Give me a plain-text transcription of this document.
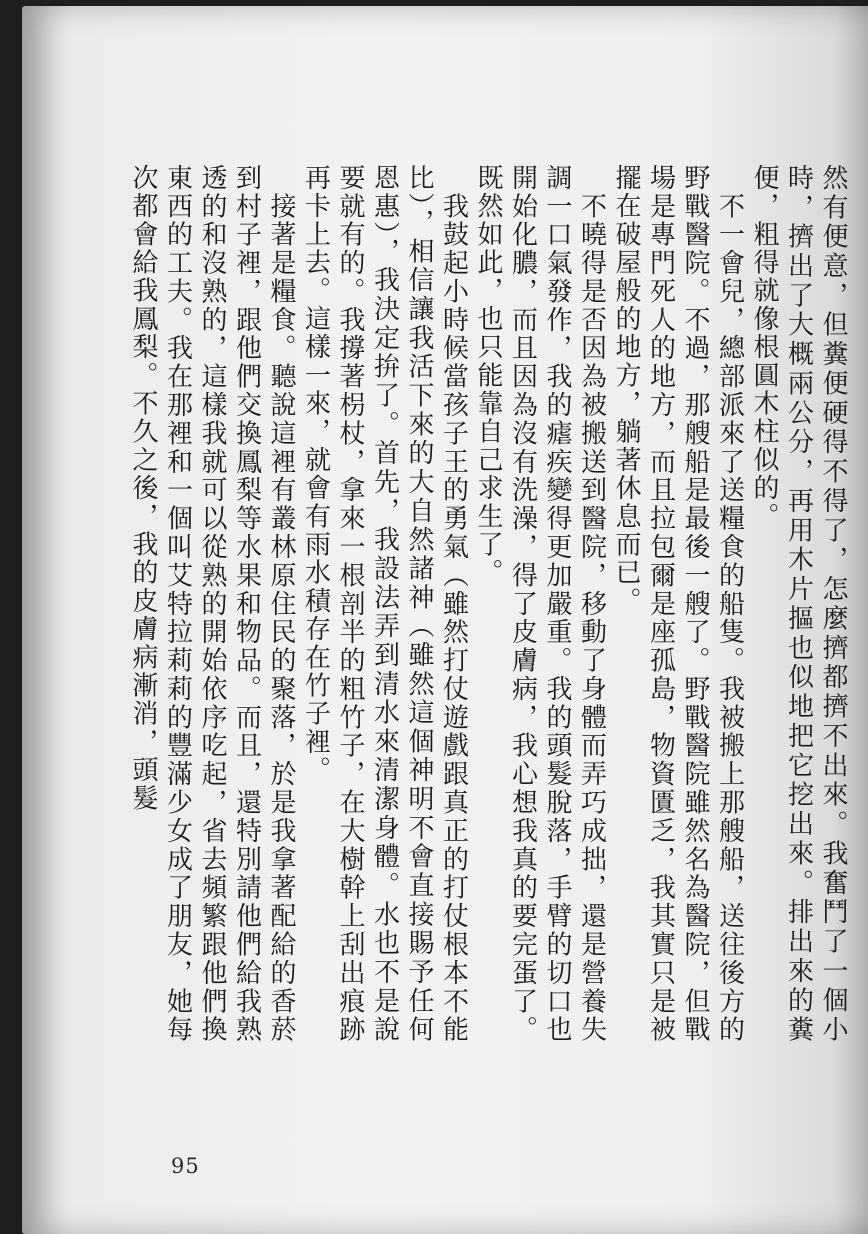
然有便意，但糞便硬得不得了，怎麼擠都擠不出來。我奮鬥了一個小時，擠出了大概兩公分，再用木片摳也似地把它挖出來。排出來的糞便，粗得就像根圓木柱似的。

　不一會兒，總部派來了送糧食的船隻。我被搬上那艘船，送往後方的野戰醫院。不過，那艘船是最後一艘了。野戰醫院雖然名為醫院，但戰場是專門死人的地方，而且拉包爾是座孤島，物資匱乏，我其實只是被擺在破屋般的地方，躺著休息而已。

　不曉得是否因為被搬送到醫院，移動了身體而弄巧成拙，還是營養失調一口氣發作，我的瘧疾變得更加嚴重。我的頭髮脫落，手臂的切口也開始化膿，而且因為沒有洗澡，得了皮膚病，我心想我真的要完蛋了。既然如此，也只能靠自己求生了。

　我鼓起小時候當孩子王的勇氣（雖然打仗遊戲跟真正的打仗根本不能比），相信讓我活下來的大自然諸神（雖然這個神明不會直接賜予任何恩惠），我決定拚了。首先，我設法弄到清水來清潔身體。水也不是說要就有的。我撐著枴杖，拿來一根剖半的粗竹子，在大樹幹上刮出痕跡再卡上去。這樣一來，就會有雨水積存在竹子裡。

　接著是糧食。聽說這裡有叢林原住民的聚落，於是我拿著配給的香菸到村子裡，跟他們交換鳳梨等水果和物品。而且，還特別請他們給我熟透的和沒熟的，這樣我就可以從熟的開始依序吃起，省去頻繁跟他們換東西的工夫。我在那裡和一個叫艾特拉莉莉的豐滿少女成了朋友，她每次都會給我鳳梨。不久之後，我的皮膚病漸消，頭髮

95
